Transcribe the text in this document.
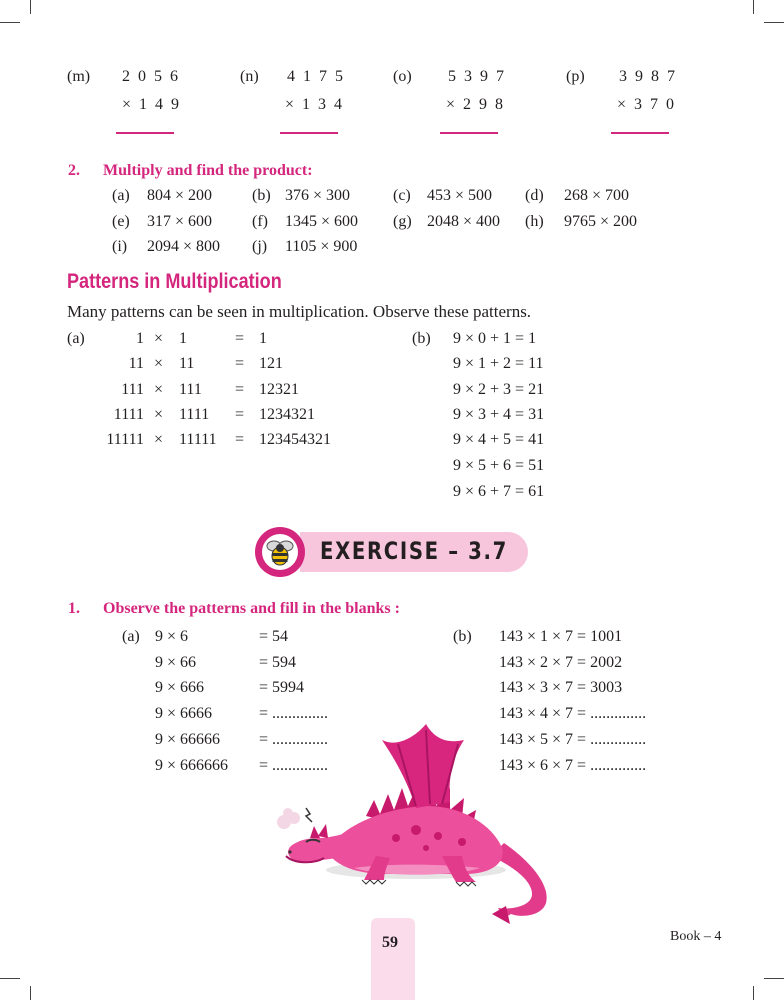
(m) 2 0 5 6
× 1 4 9
(n) 4 1 7 5
× 1 3 4
(o) 5 3 9 7
× 2 9 8
(p) 3 9 8 7
× 3 7 0
2. Multiply and find the product:
(a) 804 × 200 (b) 376 × 300	(c) 453 × 500 (d) 268 × 700
(e) 317 × 600 (f) 1345 × 600 (g) 2048 × 400 (h) 9765 × 200
(i) 2094 × 800 (j) 1105 × 900
Patterns in Multiplication
Many patterns can be seen in multiplication. Observe these patterns.
(a)	1 × 1	= 1
11 × 11	= 121
111 × 111 = 12321
1111 × 1111 = 1234321
11111 × 11111 = 123454321
(b) 9 × 0 + 1 = 1
9 × 1 + 2 = 11
9 × 2 + 3 = 21
9 × 3 + 4 = 31
9 × 4 + 5 = 41
9 × 5 + 6 = 51
9 × 6 + 7 = 61
EXERCISE – 3.7
1. Observe the patterns and fill in the blanks :
(a) 9 × 6	= 54
9 × 66	= 594
9 × 666	= 5994
9 × 6666	= ..............
9 × 66666 = ..............
9 × 666666 = ..............
(b) 143 × 1 × 7 = 1001
143 × 2 × 7 = 2002
143 × 3 × 7 = 3003
143 × 4 × 7 = ..............
143 × 5 × 7 = ..............
143 × 6 × 7 = ..............
59	Book – 4
